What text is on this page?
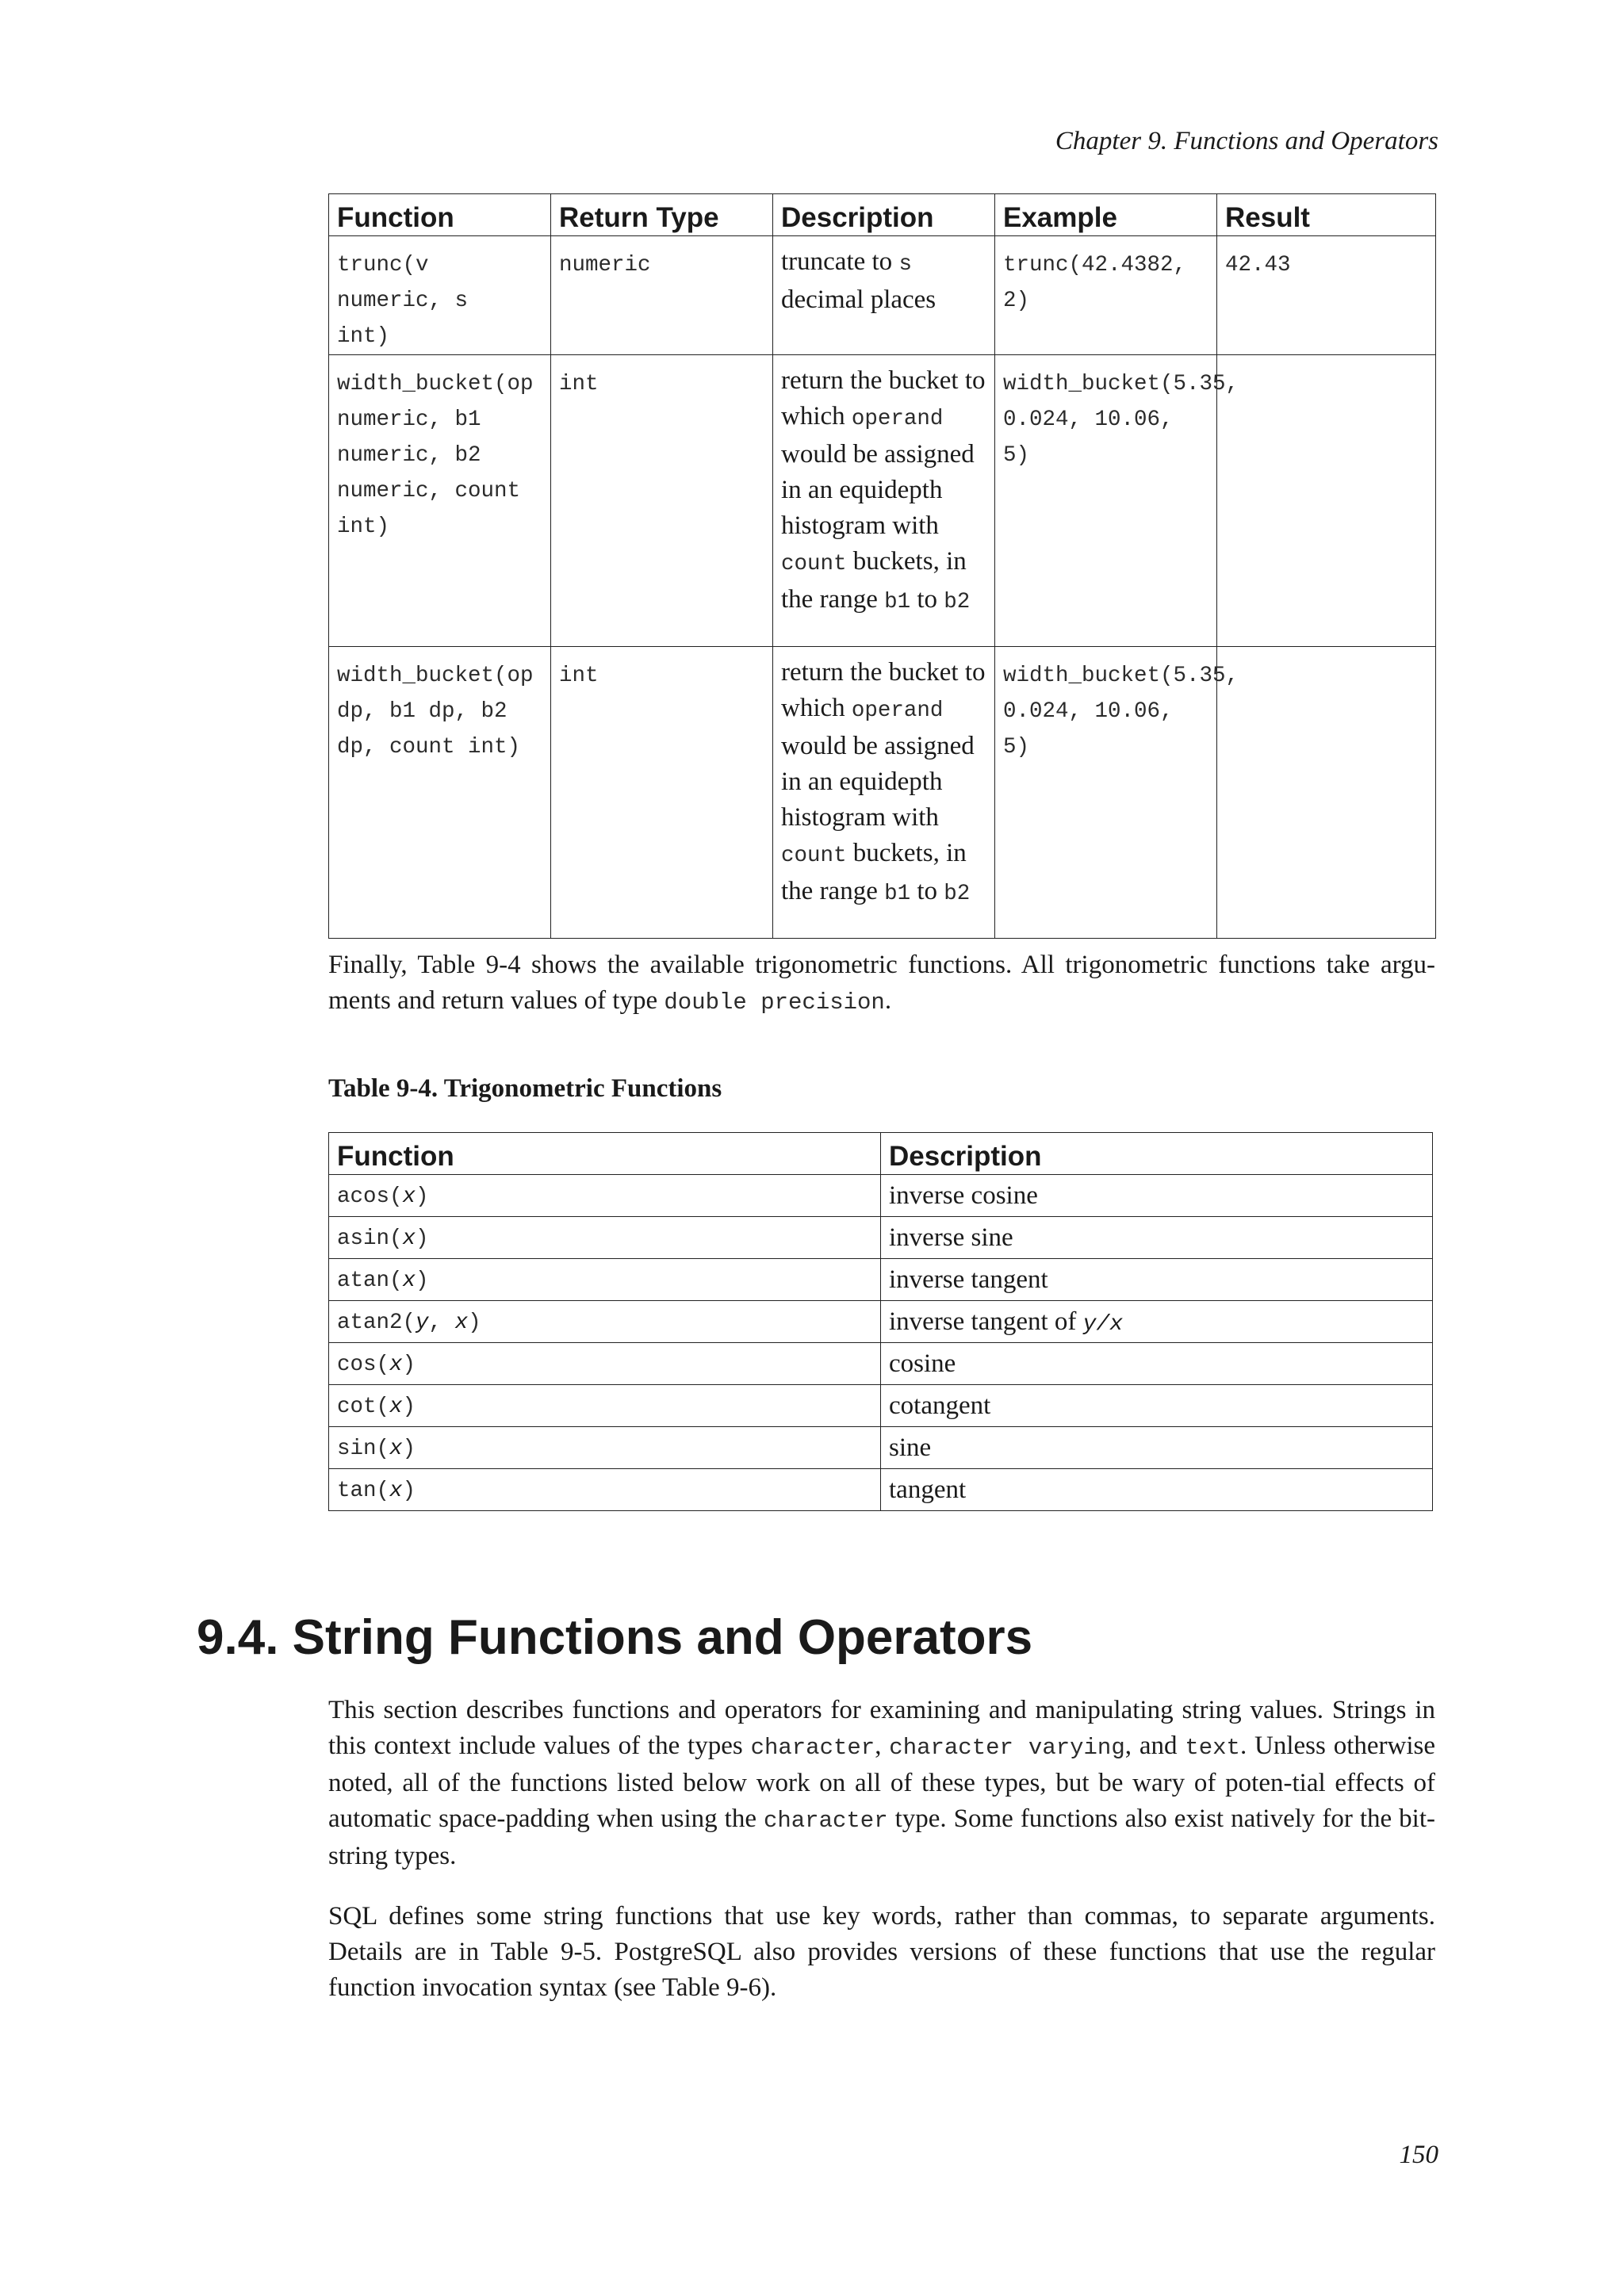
Chapter 9. Functions and Operators
Function	Return Type	Description	Example	Result

trunc(v
numeric, s
int)	numeric	truncate to s decimal places	trunc(42.4382,
2)	42.43

width_bucket(op
numeric, b1
numeric, b2
numeric, count
int)	int	return the bucket to which operand would be assigned in an equidepth histogram with count buckets, in the range b1 to b2	width_bucket(5.35,
0.024, 10.06,
5)	

width_bucket(op
dp, b1 dp, b2
dp, count int)	int	return the bucket to which operand would be assigned in an equidepth histogram with count buckets, in the range b1 to b2	width_bucket(5.35,
0.024, 10.06,
5)	

Finally, Table 9-4 shows the available trigonometric functions. All trigonometric functions take argu-ments and return values of type double precision.

Table 9-4. Trigonometric Functions
Function	Description
acos(x)	inverse cosine
asin(x)	inverse sine
atan(x)	inverse tangent
atan2(y, x)	inverse tangent of y/x
cos(x)	cosine
cot(x)	cotangent
sin(x)	sine
tan(x)	tangent
9.4. String Functions and Operators

This section describes functions and operators for examining and manipulating string values. Strings in this context include values of the types character, character varying, and text. Unless otherwise noted, all of the functions listed below work on all of these types, but be wary of poten-tial effects of automatic space-padding when using the character type. Some functions also exist natively for the bit-string types.

SQL defines some string functions that use key words, rather than commas, to separate arguments. Details are in Table 9-5. PostgreSQL also provides versions of these functions that use the regular function invocation syntax (see Table 9-6).

150
